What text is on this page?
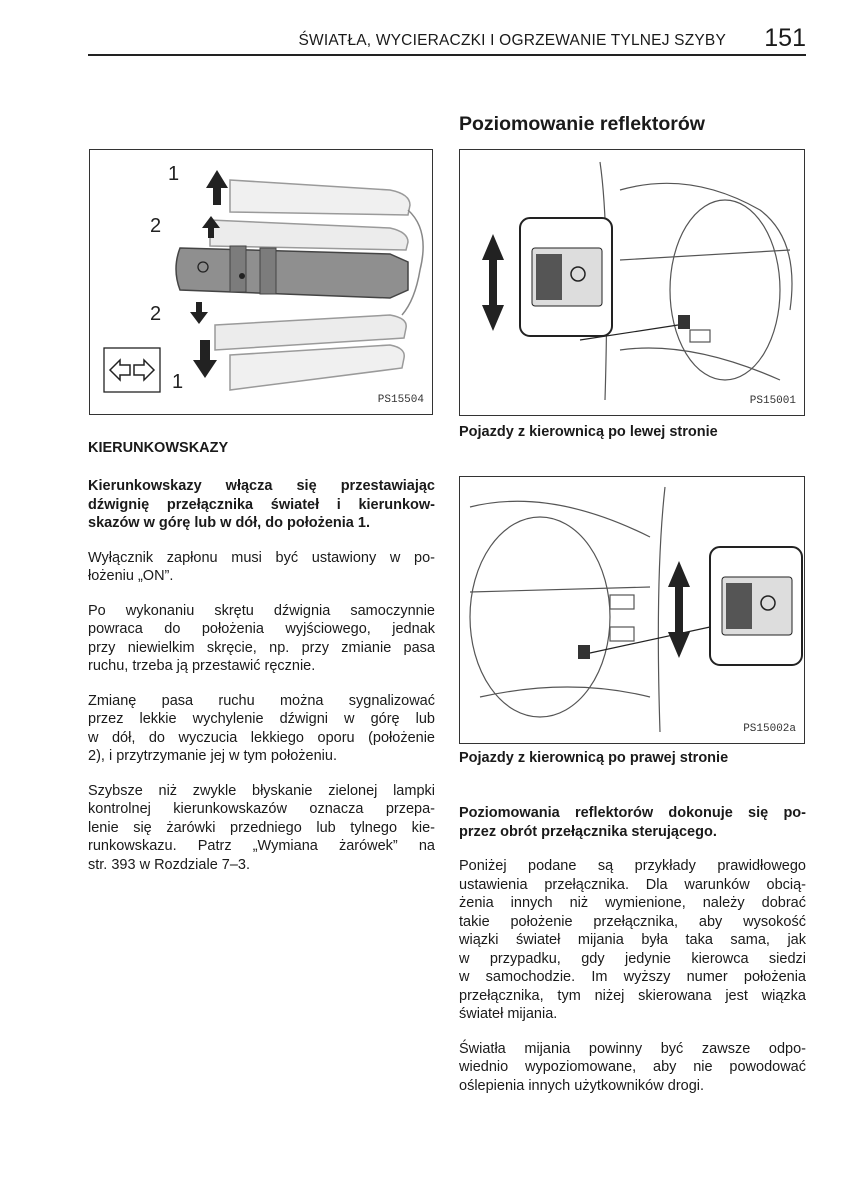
ŚWIATŁA, WYCIERACZKI I OGRZEWANIE TYLNEJ SZYBY 151
Poziomowanie reflektorów
1
2
2
1
PS15504	PS15001
Pojazdy z kierownicą po lewej stronie
PS15002a
Pojazdy z kierownicą po prawej stronie
KIERUNKOWSKAZY

Kierunkowskazy włącza się przestawiając
dźwignię przełącznika świateł i kierunkow-
skazów w górę lub w dół, do położenia 1.

Wyłącznik zapłonu musi być ustawiony w po-
łożeniu „ON”.

Po wykonaniu skrętu dźwignia samoczynnie
powraca do położenia wyjściowego, jednak
przy niewielkim skręcie, np. przy zmianie pasa
ruchu, trzeba ją przestawić ręcznie.

Zmianę pasa ruchu można sygnalizować
przez lekkie wychylenie dźwigni w górę lub
w dół, do wyczucia lekkiego oporu (położenie
2), i przytrzymanie jej w tym położeniu.

Szybsze niż zwykle błyskanie zielonej lampki
kontrolnej kierunkowskazów oznacza przepa-
lenie się żarówki przedniego lub tylnego kie-
runkowskazu. Patrz „Wymiana żarówek” na
str. 393 w Rozdziale 7–3.

Poziomowania reflektorów dokonuje się po-
przez obrót przełącznika sterującego.

Poniżej podane są przykłady prawidłowego
ustawienia przełącznika. Dla warunków obcią-
żenia innych niż wymienione, należy dobrać
takie położenie przełącznika, aby wysokość
wiązki świateł mijania była taka sama, jak
w przypadku, gdy jedynie kierowca siedzi
w samochodzie. Im wyższy numer położenia
przełącznika, tym niżej skierowana jest wiązka
świateł mijania.

Światła mijania powinny być zawsze odpo-
wiednio wypoziomowane, aby nie powodować
oślepienia innych użytkowników drogi.
